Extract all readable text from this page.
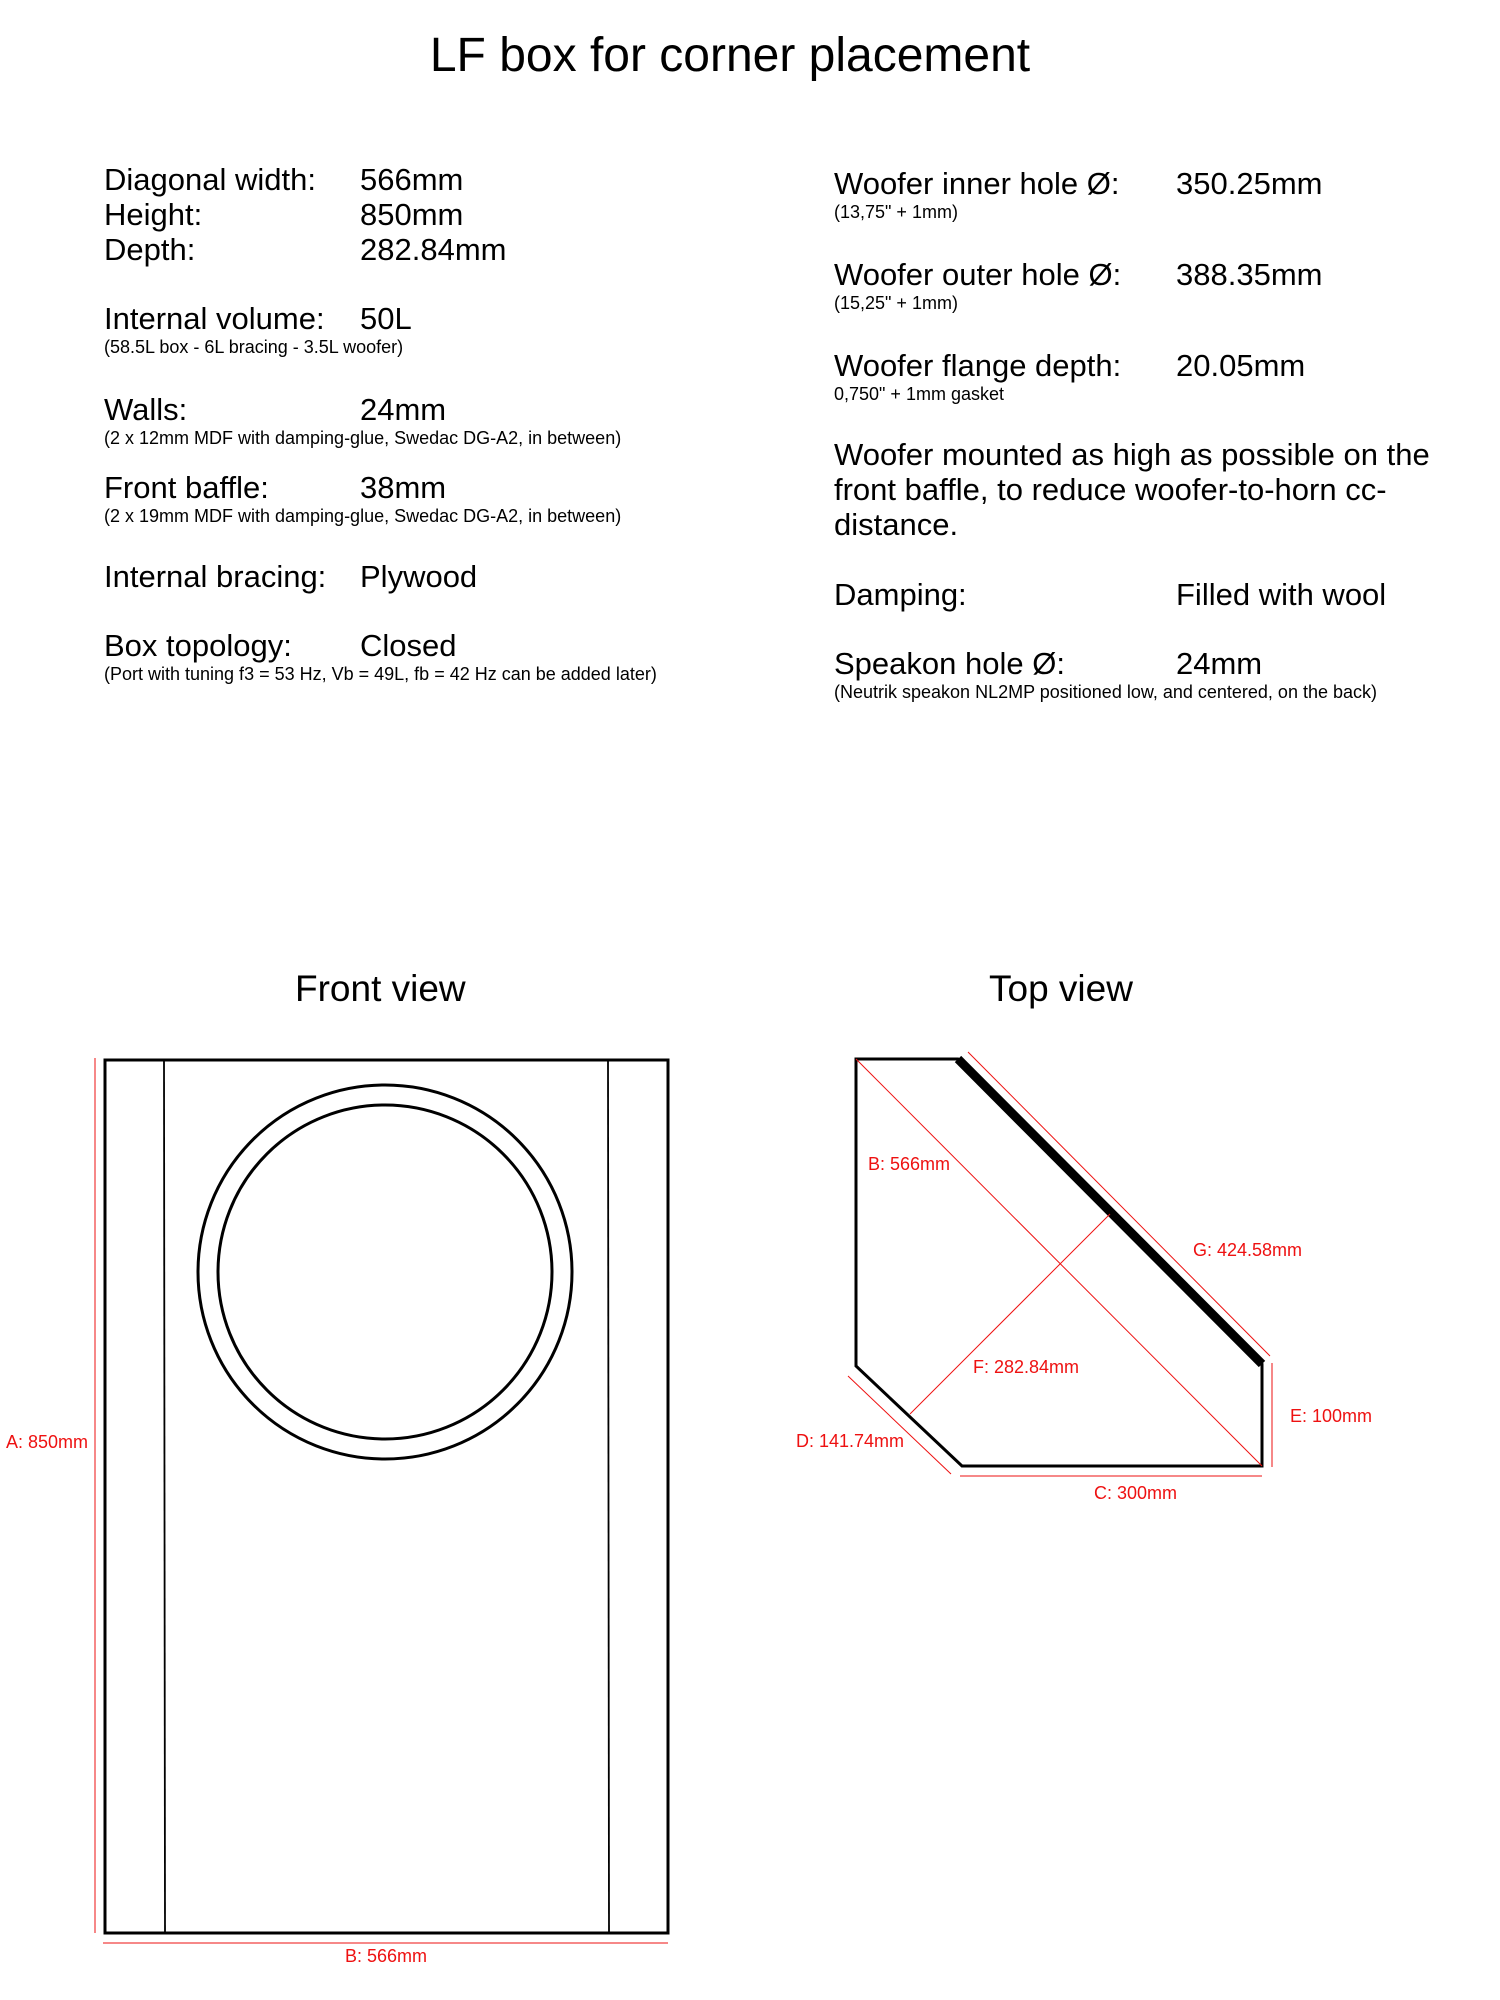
LF box for corner placement
Diagonal width: 566mm
Height:	850mm
Depth:	282.84mm
Internal volume: 50L
(58.5L box - 6L bracing - 3.5L woofer)
Walls:	24mm
(2 x 12mm MDF with damping-glue, Swedac DG-A2, in between)
Front baffle:	38mm
(2 x 19mm MDF with damping-glue, Swedac DG-A2, in between)
Internal bracing: Plywood
Box topology: Closed
(Port with tuning f3 = 53 Hz, Vb = 49L, fb = 42 Hz can be added later)
Woofer inner hole Ø: 350.25mm
(13,75" + 1mm)
Woofer outer hole Ø: 388.35mm
(15,25" + 1mm)
Woofer flange depth: 20.05mm
0,750" + 1mm gasket
Woofer mounted as high as possible on the front baffle, to reduce woofer-to-horn cc-distance.
Damping:	Filled with wool
Speakon hole Ø:	24mm
(Neutrik speakon NL2MP positioned low, and centered, on the back)
Front view	Top view
A: 850mm
B: 566mm
B: 566mm
G: 424.58mm
F: 282.84mm
E: 100mm
D: 141.74mm
C: 300mm
